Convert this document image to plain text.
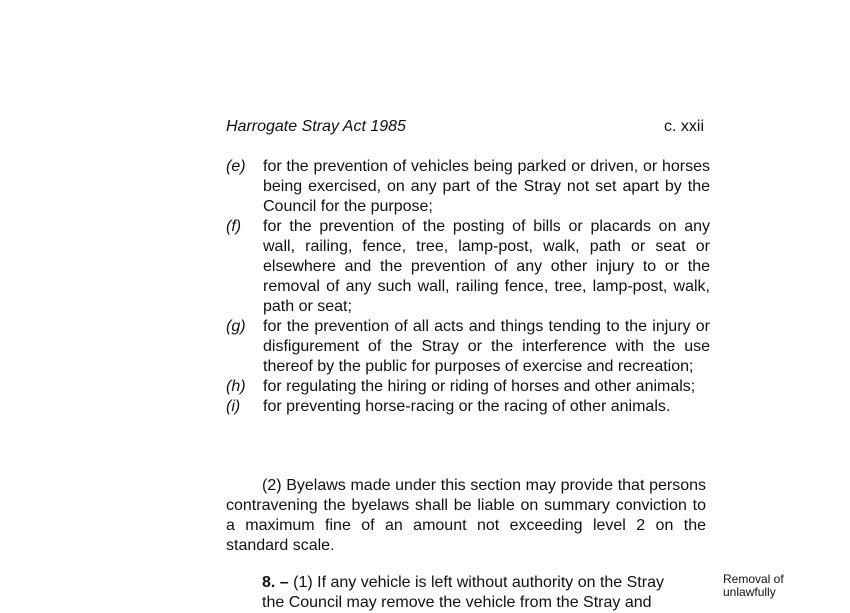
Harrogate Stray Act 1985	c. xxii
(e)	for the prevention of vehicles being parked or driven, or horses being exercised, on any part of the Stray not set apart by the Council for the purpose;
(f)	for the prevention of the posting of bills or placards on any wall, railing, fence, tree, lamp-post, walk, path or seat or elsewhere and the prevention of any other injury to or the removal of any such wall, railing fence, tree, lamp-post, walk, path or seat;
(g)	for the prevention of all acts and things tending to the injury or disfigurement of the Stray or the interference with the use thereof by the public for purposes of exercise and recreation;
(h)	for regulating the hiring or riding of horses and other animals;
(i)	for preventing horse-racing or the racing of other animals.

(2) Byelaws made under this section may provide that persons contravening the byelaws shall be liable on summary conviction to a maximum fine of an amount not exceeding level 2 on the standard scale.

8. – (1) If any vehicle is left without authority on the Stray
the Council may remove the vehicle from the Stray and
Removal of
unlawfully
